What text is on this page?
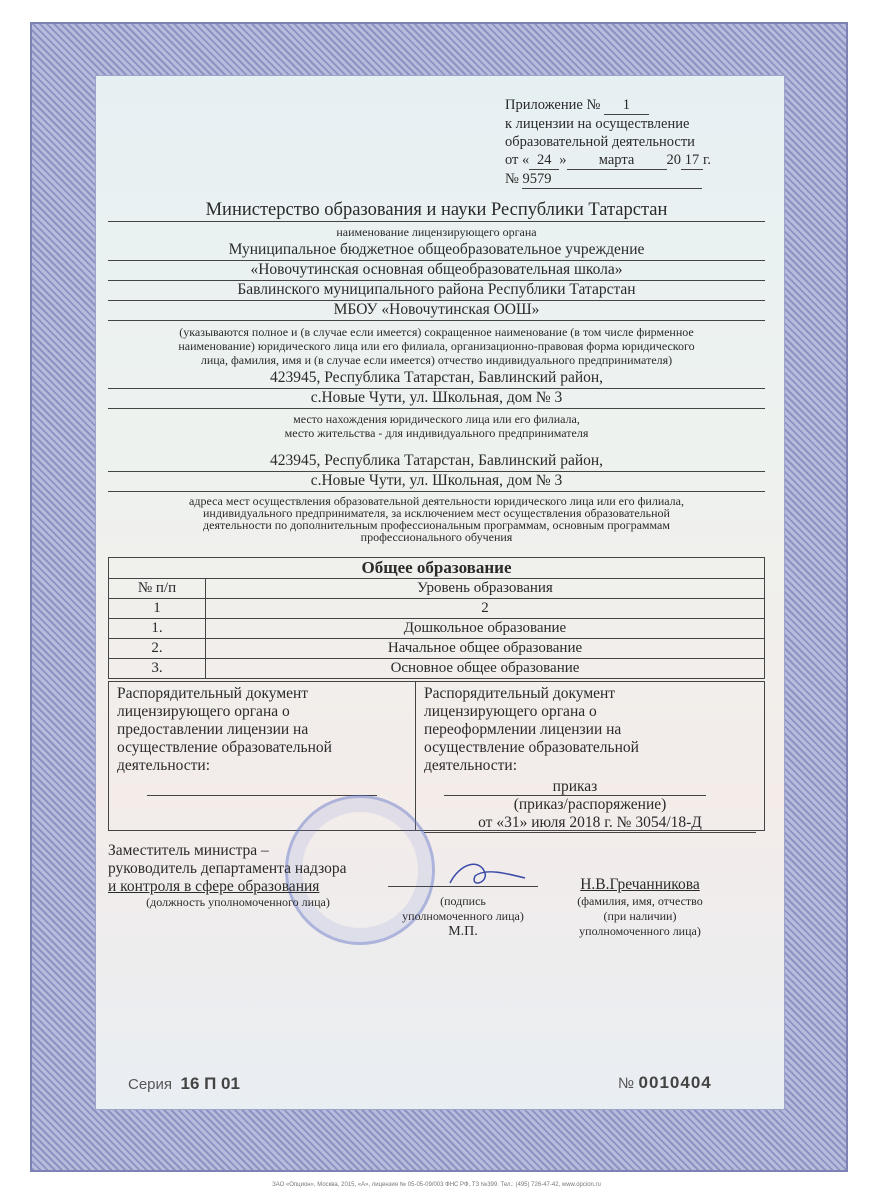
Приложение № 1
к лицензии на осуществление
образовательной деятельности
от « 24 » марта 20 17 г.
№ 9579
Министерство образования и науки Республики Татарстан
наименование лицензирующего органа
Муниципальное бюджетное общеобразовательное учреждение
«Новочутинская основная общеобразовательная школа»
Бавлинского муниципального района Республики Татарстан
МБОУ «Новочутинская ООШ»
(указываются полное и (в случае если имеется) сокращенное наименование (в том числе фирменное
наименование) юридического лица или его филиала, организационно-правовая форма юридического
лица, фамилия, имя и (в случае если имеется) отчество индивидуального предпринимателя)
423945, Республика Татарстан, Бавлинский район,
с.Новые Чути, ул. Школьная, дом № 3
место нахождения юридического лица или его филиала,
место жительства - для индивидуального предпринимателя
423945, Республика Татарстан, Бавлинский район,
с.Новые Чути, ул. Школьная, дом № 3
адреса мест осуществления образовательной деятельности юридического лица или его филиала,
индивидуального предпринимателя, за исключением мест осуществления образовательной
деятельности по дополнительным профессиональным программам, основным программам
профессионального обучения
Общее образование	
№ п/п	Уровень образования
1	2
1.	Дошкольное образование
2.	Начальное общее образование
3.	Основное общее образование
Распорядительный документ
лицензирующего органа о
предоставлении лицензии на
осуществление образовательной
деятельности:
Распорядительный документ
лицензирующего органа о
переоформлении лицензии на
осуществление образовательной
деятельности:
приказ
(приказ/распоряжение)
от «31» июля 2018 г. № 3054/18-Д
Заместитель министра –
руководитель департамента надзора
и контроля в сфере образования
(должность уполномоченного лица)	(подпись
уполномоченного лица)
М.П.
Н.В.Гречанникова
(фамилия, имя, отчество
(при наличии)
уполномоченного лица)
Серия 16 П 01	№ 0010404
ЗАО «Опцион», Москва, 2015, «А», лицензия № 05-05-09/003 ФНС РФ, ТЗ №399. Тел.: (495) 726-47-42, www.opcion.ru
